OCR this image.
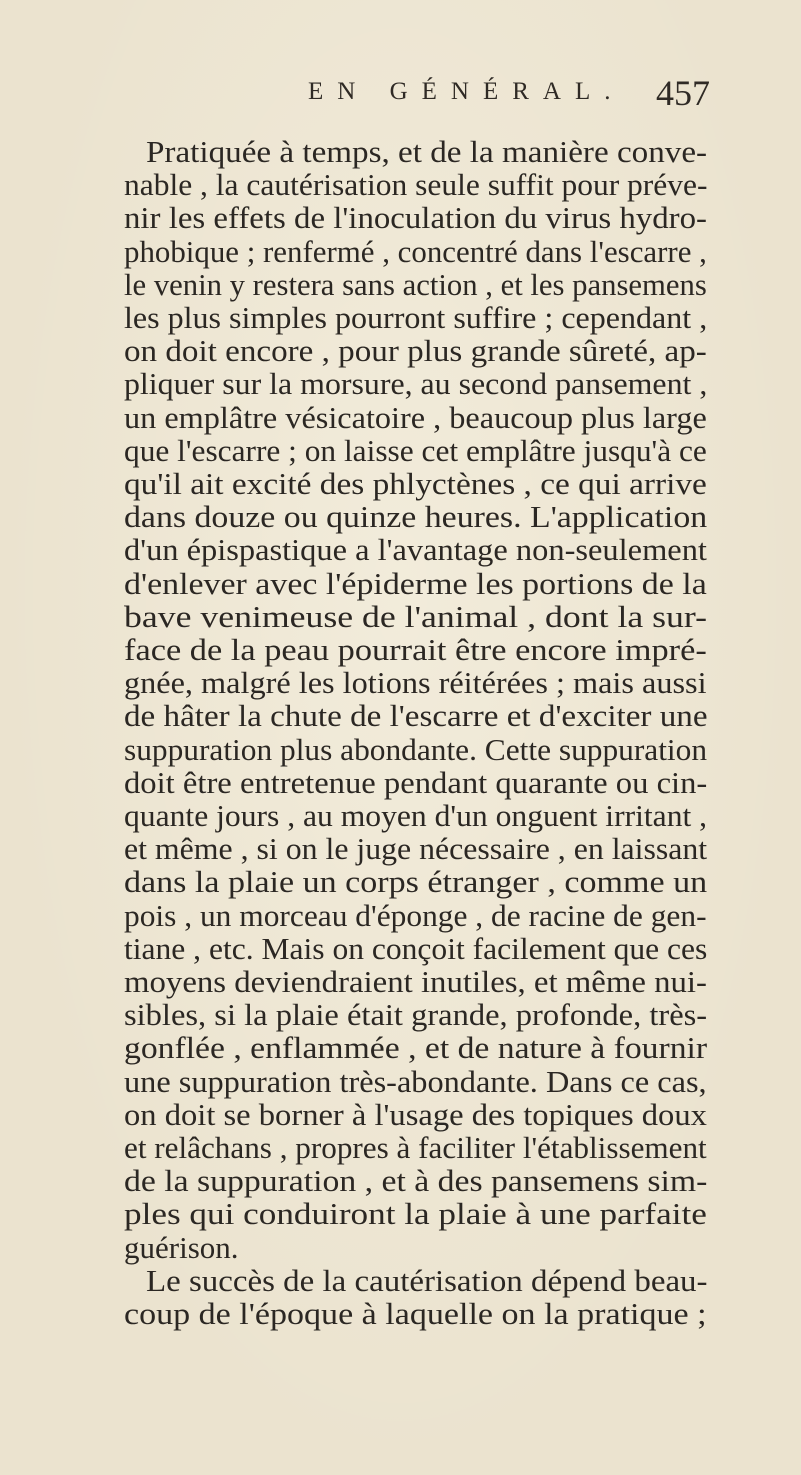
EN GÉNÉRAL. 457
Pratiquée à temps, et de la manière conve-
nable , la cautérisation seule suffit pour préve-
nir les effets de l'inoculation du virus hydro-
phobique ; renfermé , concentré dans l'escarre ,
le venin y restera sans action , et les pansemens
les plus simples pourront suffire ; cependant ,
on doit encore , pour plus grande sûreté, ap-
pliquer sur la morsure, au second pansement ,
un emplâtre vésicatoire , beaucoup plus large
que l'escarre ; on laisse cet emplâtre jusqu'à ce
qu'il ait excité des phlyctènes , ce qui arrive
dans douze ou quinze heures. L'application
d'un épispastique a l'avantage non-seulement
d'enlever avec l'épiderme les portions de la
bave venimeuse de l'animal , dont la sur-
face de la peau pourrait être encore impré-
gnée, malgré les lotions réitérées ; mais aussi
de hâter la chute de l'escarre et d'exciter une
suppuration plus abondante. Cette suppuration
doit être entretenue pendant quarante ou cin-
quante jours , au moyen d'un onguent irritant ,
et même , si on le juge nécessaire , en laissant
dans la plaie un corps étranger , comme un
pois , un morceau d'éponge , de racine de gen-
tiane , etc. Mais on conçoit facilement que ces
moyens deviendraient inutiles, et même nui-
sibles, si la plaie était grande, profonde, très-
gonflée , enflammée , et de nature à fournir
une suppuration très-abondante. Dans ce cas,
on doit se borner à l'usage des topiques doux
et relâchans , propres à faciliter l'établissement
de la suppuration , et à des pansemens sim-
ples qui conduiront la plaie à une parfaite
guérison.
Le succès de la cautérisation dépend beau-
coup de l'époque à laquelle on la pratique ;
